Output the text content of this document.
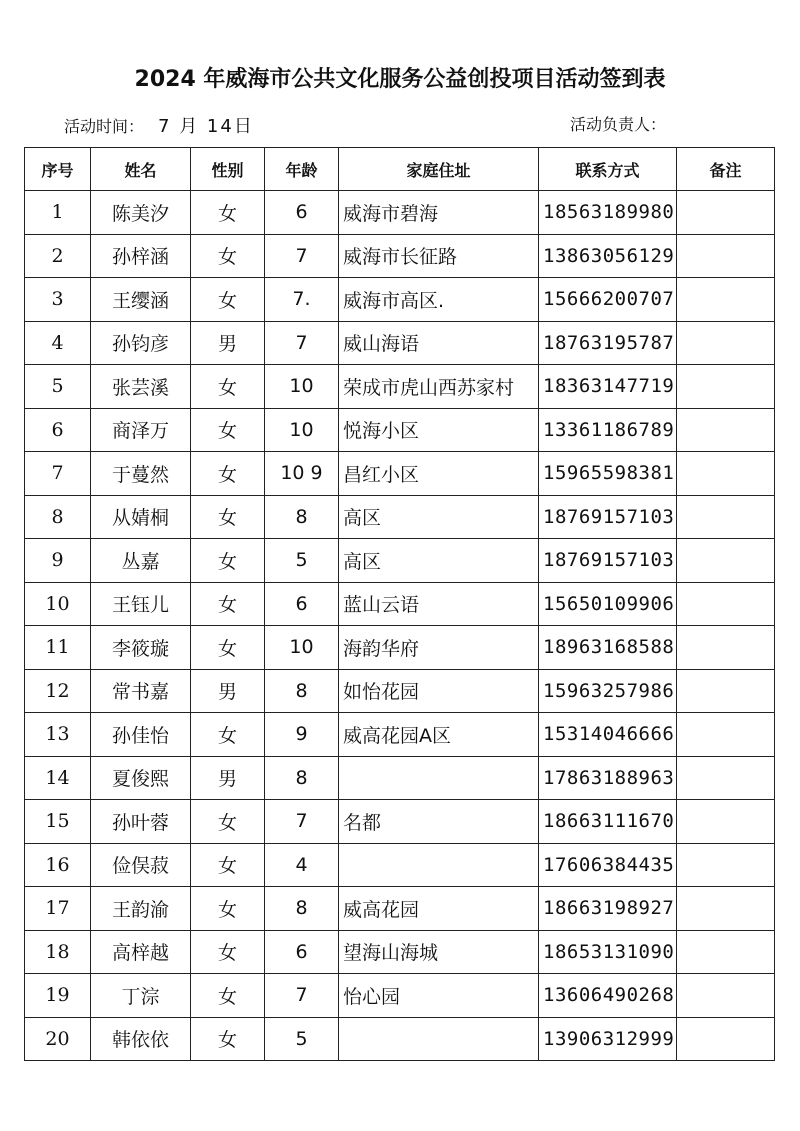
2024 年威海市公共文化服务公益创投项目活动签到表
活动时间： 7 月 14日	活动负责人：
序号	姓名	性别	年龄	家庭住址	联系方式	备注
1	陈美汐	女	6	威海市碧海	18563189980	
2	孙梓涵	女	7	威海市长征路	13863056129	
3	王缨涵	女	7.	威海市高区.	15666200707	
4	孙钧彦	男	7	威山海语	18763195787	
5	张芸溪	女	10	荣成市虎山西苏家村	18363147719	
6	商泽万	女	10	悦海小区	13361186789	
7	于蔓然	女	10 9	昌红小区	15965598381	
8	从婧桐	女	8	高区	18769157103	
9	丛嘉	女	5	高区	18769157103	
10	王钰儿	女	6	蓝山云语	15650109906	
11	李筱璇	女	10	海韵华府	18963168588	
12	常书嘉	男	8	如怡花园	15963257986	
13	孙佳怡	女	9	威高花园A区	15314046666	
14	夏俊熙	男	8		17863188963	
15	孙叶蓉	女	7	名都	18663111670	
16	俭俣菽	女	4		17606384435	
17	王韵渝	女	8	威高花园	18663198927	
18	高梓越	女	6	望海山海城	18653131090	
19	丁淙	女	7	怡心园	13606490268	
20	韩依依	女	5		13906312999	
